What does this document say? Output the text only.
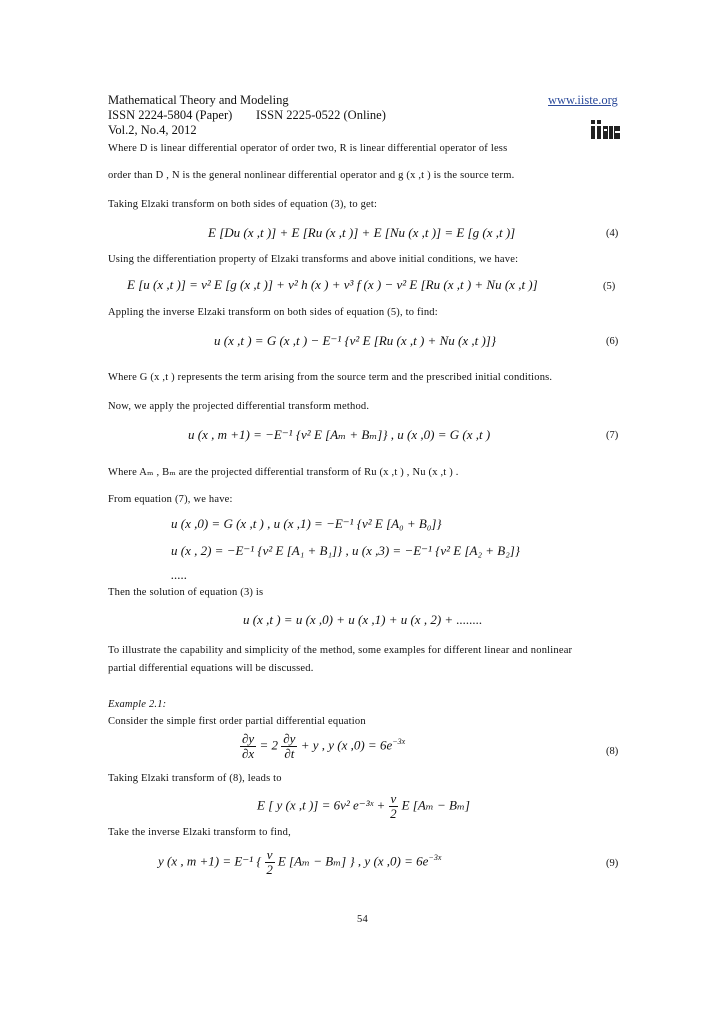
Mathematical Theory and Modeling	www.iiste.org
ISSN 2224-5804 (Paper) ISSN 2225-0522 (Online)
Vol.2, No.4, 2012
Where D is linear differential operator of order two, R is linear differential operator of less
order than D , N is the general nonlinear differential operator and g (x ,t ) is the source term.
Taking Elzaki transform on both sides of equation (3), to get:
E [Du (x ,t )] + E [Ru (x ,t )] + E [Nu (x ,t )] = E [g (x ,t )]	(4)
Using the differentiation property of Elzaki transforms and above initial conditions, we have:
E [u (x ,t )] = v² E [g (x ,t )] + v² h (x ) + v³ f (x ) − v² E [Ru (x ,t ) + Nu (x ,t )]	(5)
Appling the inverse Elzaki transform on both sides of equation (5), to find:
u (x ,t ) = G (x ,t ) − E⁻¹ {v² E [Ru (x ,t ) + Nu (x ,t )]}	(6)
Where G (x ,t ) represents the term arising from the source term and the prescribed initial conditions.
Now, we apply the projected differential transform method.
u (x , m +1) = −E⁻¹ {v² E [Aₘ + Bₘ]} , u (x ,0) = G (x ,t )	(7)
Where Aₘ , Bₘ are the projected differential transform of Ru (x ,t ) , Nu (x ,t ) .
From equation (7), we have:
u (x ,0) = G (x ,t ) , u (x ,1) = −E⁻¹ {v² E [A₀ + B₀]}
u (x , 2) = −E⁻¹ {v² E [A₁ + B₁]} , u (x ,3) = −E⁻¹ {v² E [A₂ + B₂]}
.....
Then the solution of equation (3) is
u (x ,t ) = u (x ,0) + u (x ,1) + u (x , 2) + ........
To illustrate the capability and simplicity of the method, some examples for different linear and nonlinear
partial differential equations will be discussed.
Example 2.1:
Consider the simple first order partial differential equation
$\frac{\partial y}{\partial x} = 2 \frac{\partial y}{\partial t} + y$ , y (x $,0) = 6e^{-3x}$
(8)
Taking Elzaki transform of (8), leads to
E [ y (x ,t )] = 6v² e⁻³ˣ + $\frac{v}{2}$ E [Aₘ − Bₘ]
Take the inverse Elzaki transform to find,
y (x , m +1) = E⁻¹ { $\frac{v}{2}$ E [Aₘ − Bₘ] } , y (x $,0) = 6e^{-3x}$
(9)
54
